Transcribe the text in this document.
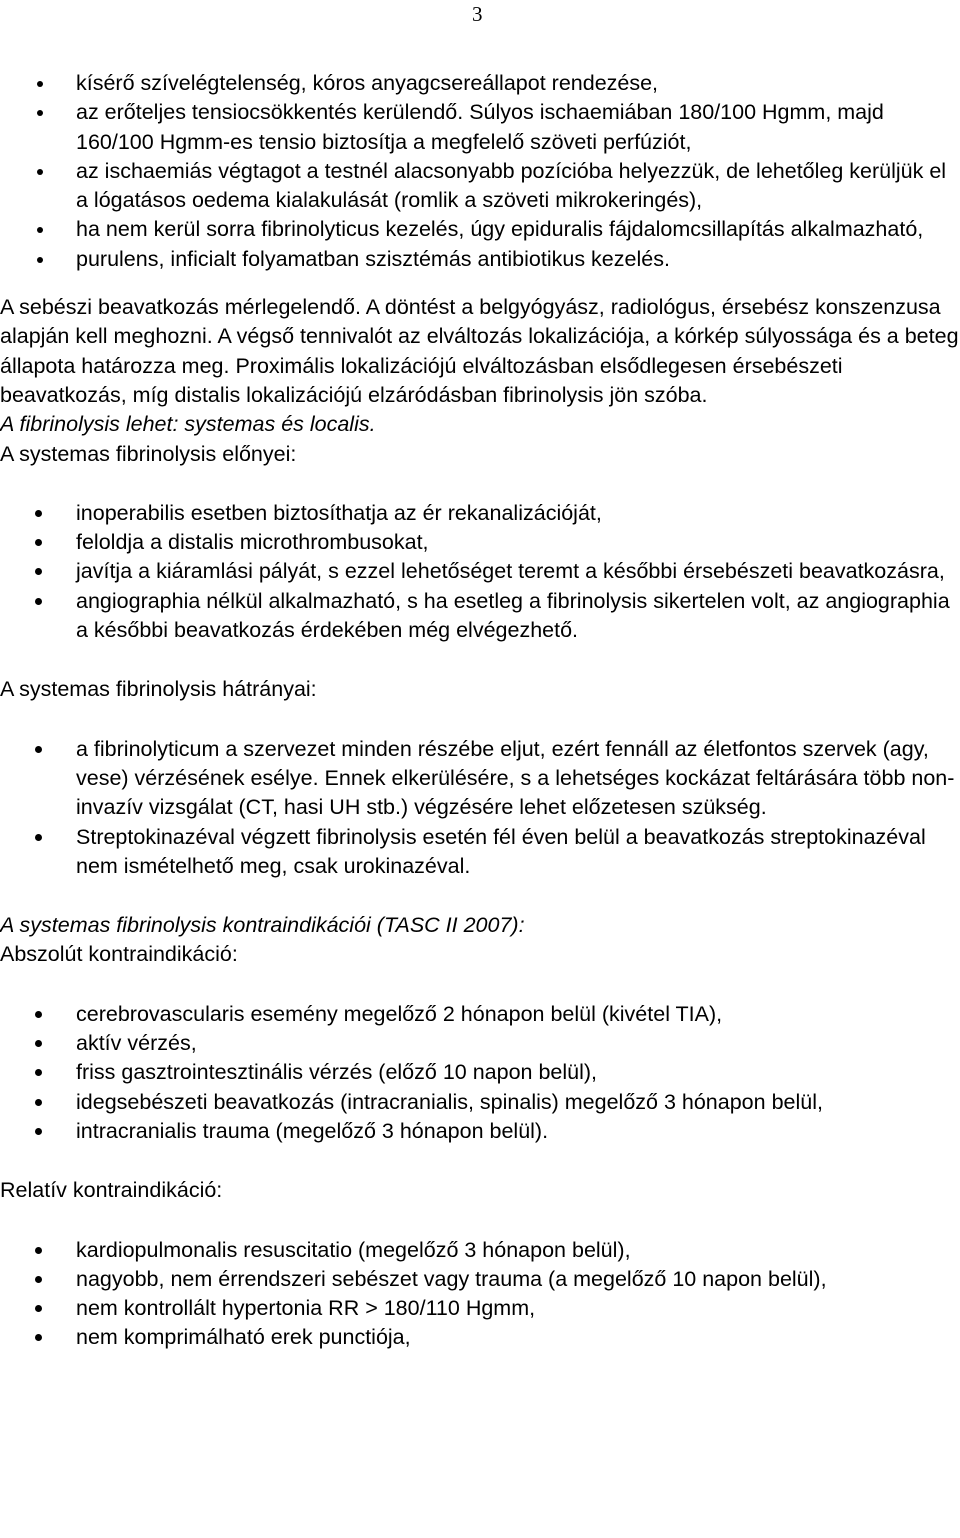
3
kísérő szívelégtelenség, kóros anyagcsereállapot rendezése,
az erőteljes tensiocsökkentés kerülendő. Súlyos ischaemiában 180/100 Hgmm, majd 160/100 Hgmm-es tensio biztosítja a megfelelő szöveti perfúziót,
az ischaemiás végtagot a testnél alacsonyabb pozícióba helyezzük, de lehetőleg kerüljük el a lógatásos oedema kialakulását (romlik a szöveti mikrokeringés),
ha nem kerül sorra fibrinolyticus kezelés, úgy epiduralis fájdalomcsillapítás alkalmazható,
purulens, inficialt folyamatban szisztémás antibiotikus kezelés.

A sebészi beavatkozás mérlegelendő. A döntést a belgyógyász, radiológus, érsebész konszenzusa alapján kell meghozni. A végső tennivalót az elváltozás lokalizációja, a kórkép súlyossága és a beteg állapota határozza meg. Proximális lokalizációjú elváltozásban elsődlegesen érsebészeti beavatkozás, míg distalis lokalizációjú elzáródásban fibrinolysis jön szóba.

A fibrinolysis lehet: systemas és localis.

A systemas fibrinolysis előnyei:

inoperabilis esetben biztosíthatja az ér rekanalizációját,
feloldja a distalis microthrombusokat,
javítja a kiáramlási pályát, s ezzel lehetőséget teremt a későbbi érsebészeti beavatkozásra,
angiographia nélkül alkalmazható, s ha esetleg a fibrinolysis sikertelen volt, az angiographia a későbbi beavatkozás érdekében még elvégezhető.

A systemas fibrinolysis hátrányai:

a fibrinolyticum a szervezet minden részébe eljut, ezért fennáll az életfontos szervek (agy, vese) vérzésének esélye. Ennek elkerülésére, s a lehetséges kockázat feltárására több non-invazív vizsgálat (CT, hasi UH stb.) végzésére lehet előzetesen szükség.
Streptokinazéval végzett fibrinolysis esetén fél éven belül a beavatkozás streptokinazéval nem ismételhető meg, csak urokinazéval.

A systemas fibrinolysis kontraindikációi (TASC II 2007):

Abszolút kontraindikáció:

cerebrovascularis esemény megelőző 2 hónapon belül (kivétel TIA),
aktív vérzés,
friss gasztrointesztinális vérzés (előző 10 napon belül),
idegsebészeti beavatkozás (intracranialis, spinalis) megelőző 3 hónapon belül,
intracranialis trauma (megelőző 3 hónapon belül).

Relatív kontraindikáció:

kardiopulmonalis resuscitatio (megelőző 3 hónapon belül),
nagyobb, nem érrendszeri sebészet vagy trauma (a megelőző 10 napon belül),
nem kontrollált hypertonia RR > 180/110 Hgmm,
nem komprimálható erek punctiója,
